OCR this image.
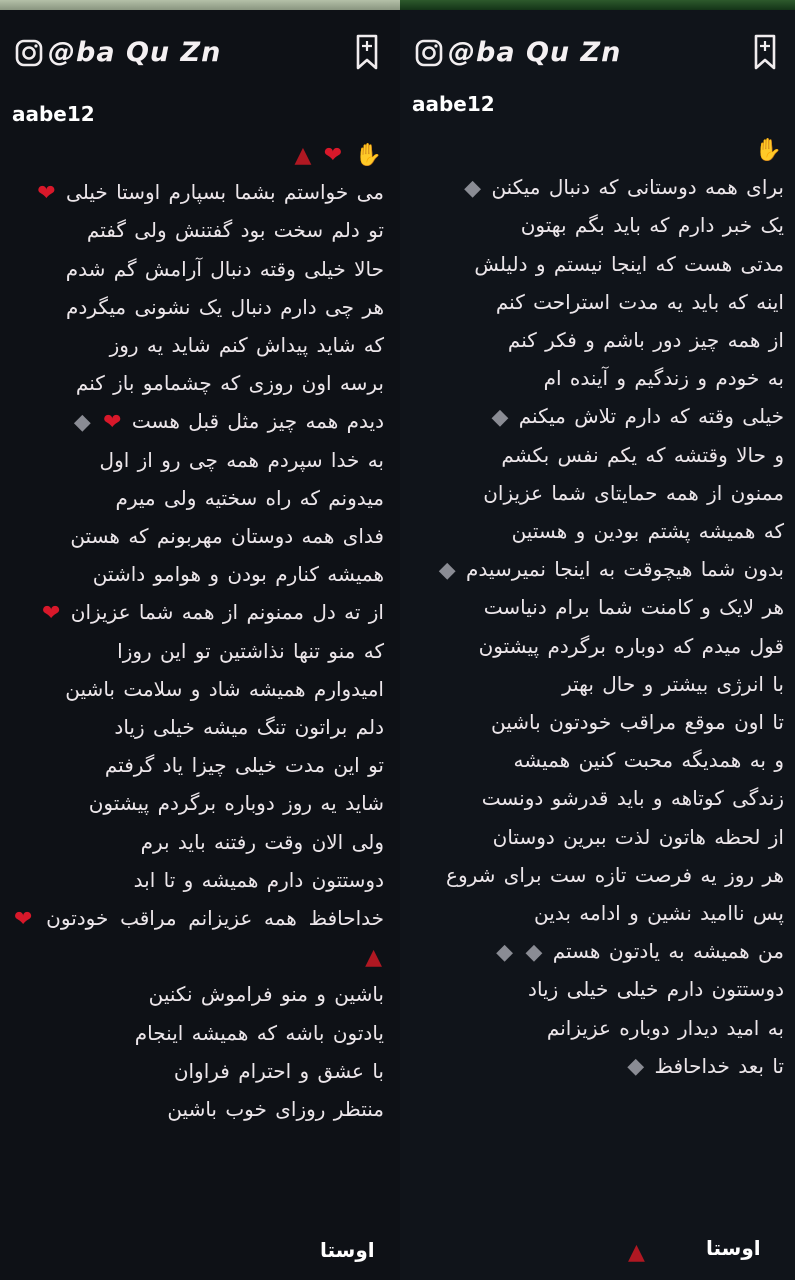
@ba Qu Zn
aabe12
✋ ❤ ▲
می خواستم بشما بسپارم اوستا خیلی ❤
تو دلم سخت بود گفتنش ولی گفتم
حالا خیلی وقته دنبال آرامش گم شدم
هر چی دارم دنبال یک نشونی میگردم
که شاید پیداش کنم شاید یه روز
برسه اون روزی که چشمامو باز کنم
دیدم همه چیز مثل قبل هست ❤ ◆
به خدا سپردم همه چی رو از اول
میدونم که راه سختیه ولی میرم
فدای همه دوستان مهربونم که هستن
همیشه کنارم بودن و هوامو داشتن
از ته دل ممنونم از همه شما عزیزان ❤
که منو تنها نذاشتین تو این روزا
امیدوارم همیشه شاد و سلامت باشین
دلم براتون تنگ میشه خیلی زیاد
تو این مدت خیلی چیزا یاد گرفتم
شاید یه روز دوباره برگردم پیشتون
ولی الان وقت رفتنه باید برم
دوستتون دارم همیشه و تا ابد
خداحافظ همه عزیزانم مراقب خودتون ❤ ▲
باشین و منو فراموش نکنین
یادتون باشه که همیشه اینجام
با عشق و احترام فراوان
منتظر روزای خوب باشین
اوستا
@ba Qu Zn
aabe12
✋
برای همه دوستانی که دنبال میکنن ◆
یک خبر دارم که باید بگم بهتون
مدتی هست که اینجا نیستم و دلیلش
اینه که باید یه مدت استراحت کنم
از همه چیز دور باشم و فکر کنم
به خودم و زندگیم و آینده ام
خیلی وقته که دارم تلاش میکنم ◆
و حالا وقتشه که یکم نفس بکشم
ممنون از همه حمایتای شما عزیزان
که همیشه پشتم بودین و هستین
بدون شما هیچوقت به اینجا نمیرسیدم ◆
هر لایک و کامنت شما برام دنیاست
قول میدم که دوباره برگردم پیشتون
با انرژی بیشتر و حال بهتر
تا اون موقع مراقب خودتون باشین
و به همدیگه محبت کنین همیشه
زندگی کوتاهه و باید قدرشو دونست
از لحظه هاتون لذت ببرین دوستان
هر روز یه فرصت تازه ست برای شروع
پس ناامید نشین و ادامه بدین
من همیشه به یادتون هستم ◆ ◆
دوستتون دارم خیلی خیلی زیاد
به امید دیدار دوباره عزیزانم
تا بعد خداحافظ ◆
اوستا
▲
